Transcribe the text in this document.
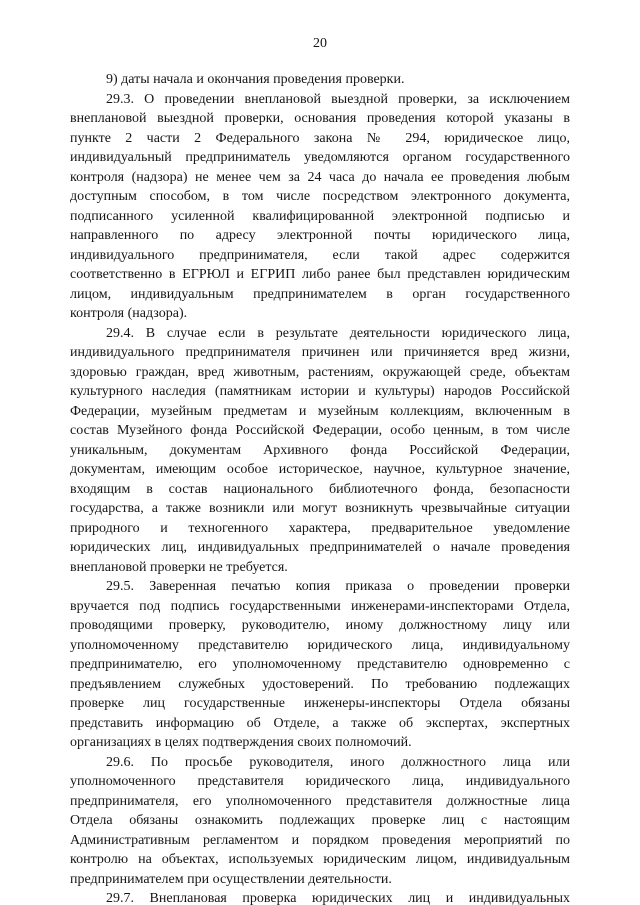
20
9) даты начала и окончания проведения проверки.
29.3. О проведении внеплановой выездной проверки, за исключением
внеплановой выездной проверки, основания проведения которой указаны в
пункте 2 части 2 Федерального закона № 294, юридическое лицо,
индивидуальный предприниматель уведомляются органом государственного
контроля (надзора) не менее чем за 24 часа до начала ее проведения любым
доступным способом, в том числе посредством электронного документа,
подписанного усиленной квалифицированной электронной подписью и
направленного по адресу электронной почты юридического лица,
индивидуального предпринимателя, если такой адрес содержится
соответственно в ЕГРЮЛ и ЕГРИП либо ранее был представлен юридическим
лицом, индивидуальным предпринимателем в орган государственного
контроля (надзора).
29.4. В случае если в результате деятельности юридического лица,
индивидуального предпринимателя причинен или причиняется вред жизни,
здоровью граждан, вред животным, растениям, окружающей среде, объектам
культурного наследия (памятникам истории и культуры) народов Российской
Федерации, музейным предметам и музейным коллекциям, включенным в
состав Музейного фонда Российской Федерации, особо ценным, в том числе
уникальным, документам Архивного фонда Российской Федерации,
документам, имеющим особое историческое, научное, культурное значение,
входящим в состав национального библиотечного фонда, безопасности
государства, а также возникли или могут возникнуть чрезвычайные ситуации
природного и техногенного характера, предварительное уведомление
юридических лиц, индивидуальных предпринимателей о начале проведения
внеплановой проверки не требуется.
29.5. Заверенная печатью копия приказа о проведении проверки
вручается под подпись государственными инженерами-инспекторами Отдела,
проводящими проверку, руководителю, иному должностному лицу или
уполномоченному представителю юридического лица, индивидуальному
предпринимателю, его уполномоченному представителю одновременно с
предъявлением служебных удостоверений. По требованию подлежащих
проверке лиц государственные инженеры-инспекторы Отдела обязаны
представить информацию об Отделе, а также об экспертах, экспертных
организациях в целях подтверждения своих полномочий.
29.6. По просьбе руководителя, иного должностного лица или
уполномоченного представителя юридического лица, индивидуального
предпринимателя, его уполномоченного представителя должностные лица
Отдела обязаны ознакомить подлежащих проверке лиц с настоящим
Административным регламентом и порядком проведения мероприятий по
контролю на объектах, используемых юридическим лицом, индивидуальным
предпринимателем при осуществлении деятельности.
29.7. Внеплановая проверка юридических лиц и индивидуальных
